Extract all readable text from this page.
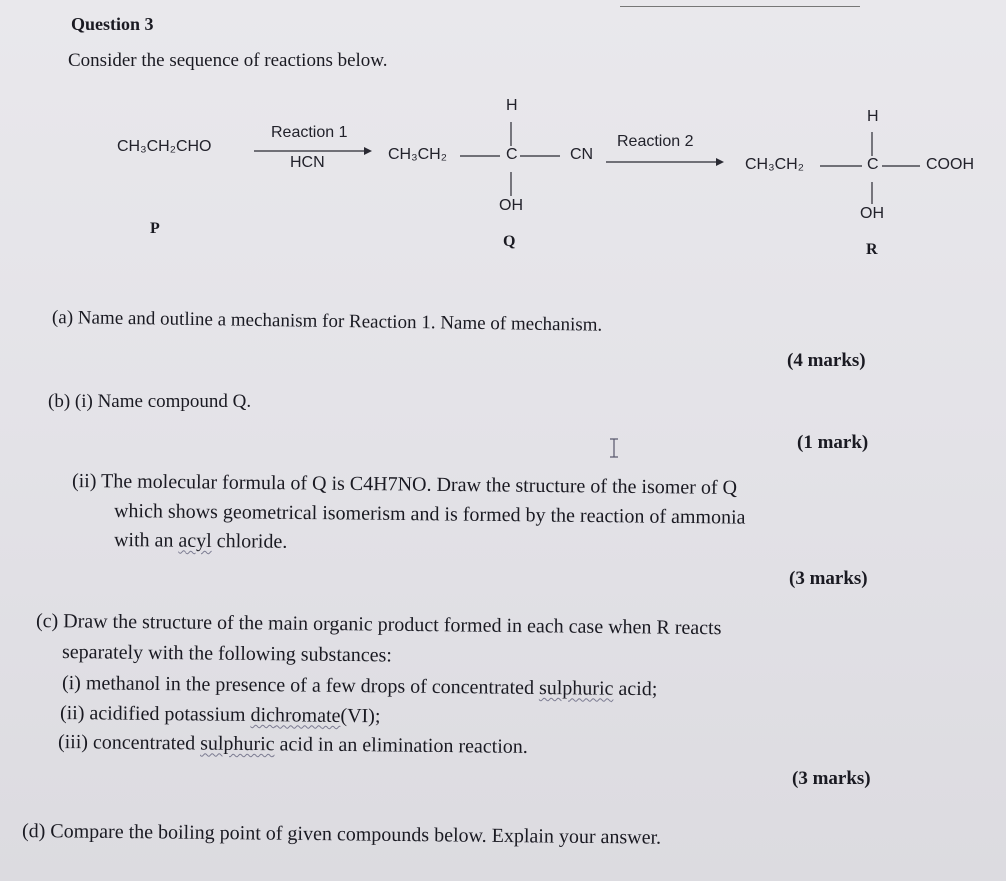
Question 3
Consider the sequence of reactions below.
CH₃CH₂CHO
P
Reaction 1
HCN	CH₃CH₂	C	CN
H
OH
Q
Reaction 2
CH₃CH₂	C	COOH
H
OH
R
(a) Name and outline a mechanism for Reaction 1. Name of mechanism.
(4 marks)
(b) (i) Name compound Q.
(1 mark)
(ii) The molecular formula of Q is C4H7NO. Draw the structure of the isomer of Q
which shows geometrical isomerism and is formed by the reaction of ammonia
with an acyl chloride.
(3 marks)
(c) Draw the structure of the main organic product formed in each case when R reacts
separately with the following substances:
(i) methanol in the presence of a few drops of concentrated sulphuric acid;
(ii) acidified potassium dichromate(VI);
(iii) concentrated sulphuric acid in an elimination reaction.
(3 marks)
(d) Compare the boiling point of given compounds below. Explain your answer.
